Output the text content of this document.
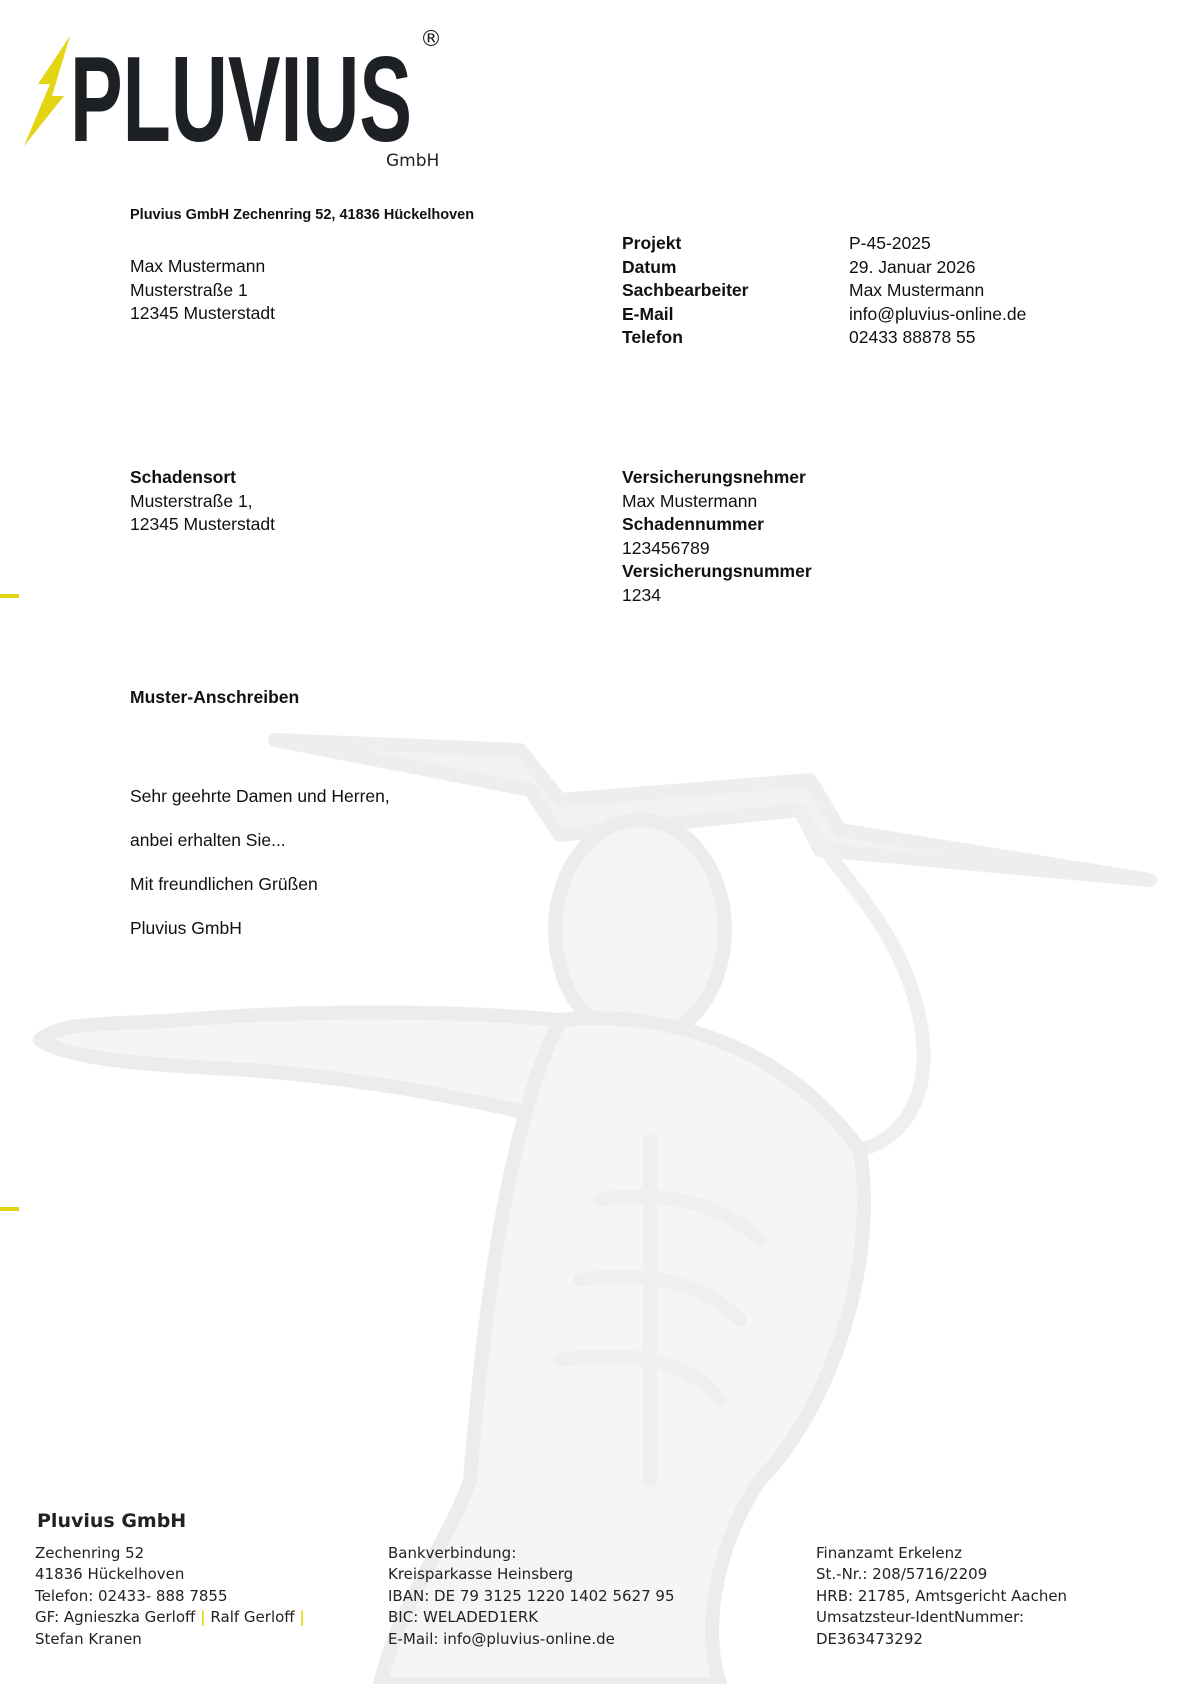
PLUVIUS ®
GmbH
Pluvius GmbH Zechenring 52, 41836 Hückelhoven
Max Mustermann
Musterstraße 1
12345 Musterstadt
Projekt	P-45-2025
Datum	29. Januar 2026
Sachbearbeiter	Max Mustermann
E-Mail	info@pluvius-online.de
Telefon	02433 88878 55
Schadensort
Musterstraße 1,
12345 Musterstadt
Versicherungsnehmer
Max Mustermann
Schadennummer
123456789
Versicherungsnummer
1234
Muster-Anschreiben

Sehr geehrte Damen und Herren,

anbei erhalten Sie...

Mit freundlichen Grüßen

Pluvius GmbH

Pluvius GmbH
Zechenring 52
41836 Hückelhoven
Telefon: 02433- 888 7855
GF: Agnieszka Gerloff | Ralf Gerloff |
Stefan Kranen
Bankverbindung:
Kreisparkasse Heinsberg
IBAN: DE 79 3125 1220 1402 5627 95
BIC: WELADED1ERK
E-Mail: info@pluvius-online.de
Finanzamt Erkelenz
St.-Nr.: 208/5716/2209
HRB: 21785, Amtsgericht Aachen
Umsatzsteur-IdentNummer:
DE363473292
